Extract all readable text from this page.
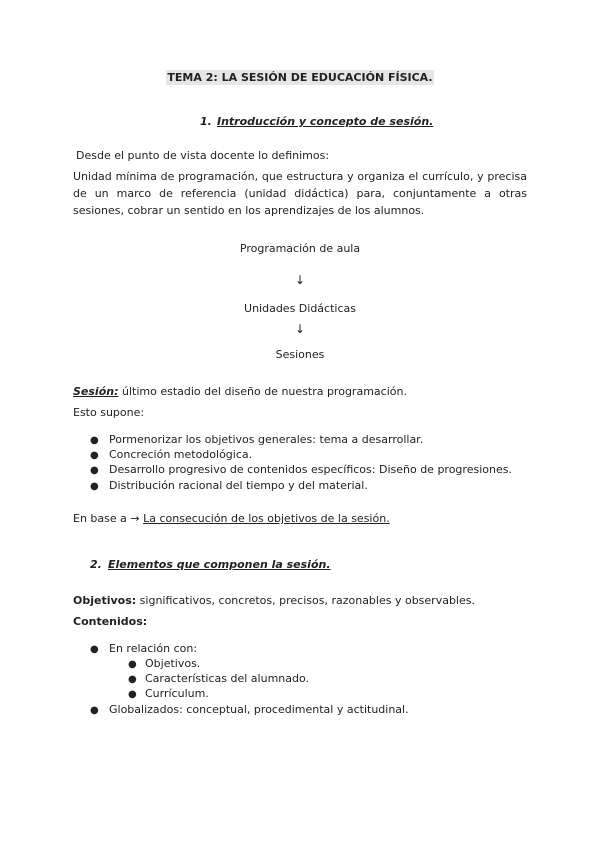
TEMA 2: LA SESIÓN DE EDUCACIÓN FÍSICA.
1. Introducción y concepto de sesión.
Desde el punto de vista docente lo definimos:
Unidad mínima de programación, que estructura y organiza el currículo, y precisa de un marco de referencia (unidad didáctica) para, conjuntamente a otras sesiones, cobrar un sentido en los aprendizajes de los alumnos.
Programación de aula
↓
Unidades Didácticas
↓
Sesiones
Sesión: último estadio del diseño de nuestra programación.
Esto supone:
● Pormenorizar los objetivos generales: tema a desarrollar.
● Concreción metodológica.
● Desarrollo progresivo de contenidos específicos: Diseño de progresiones.
● Distribución racional del tiempo y del material.
En base a → La consecución de los objetivos de la sesión.
2. Elementos que componen la sesión.
Objetivos: significativos, concretos, precisos, razonables y observables.
Contenidos:
● En relación con:
● Objetivos.
● Características del alumnado.
● Currículum.
● Globalizados: conceptual, procedimental y actitudinal.
